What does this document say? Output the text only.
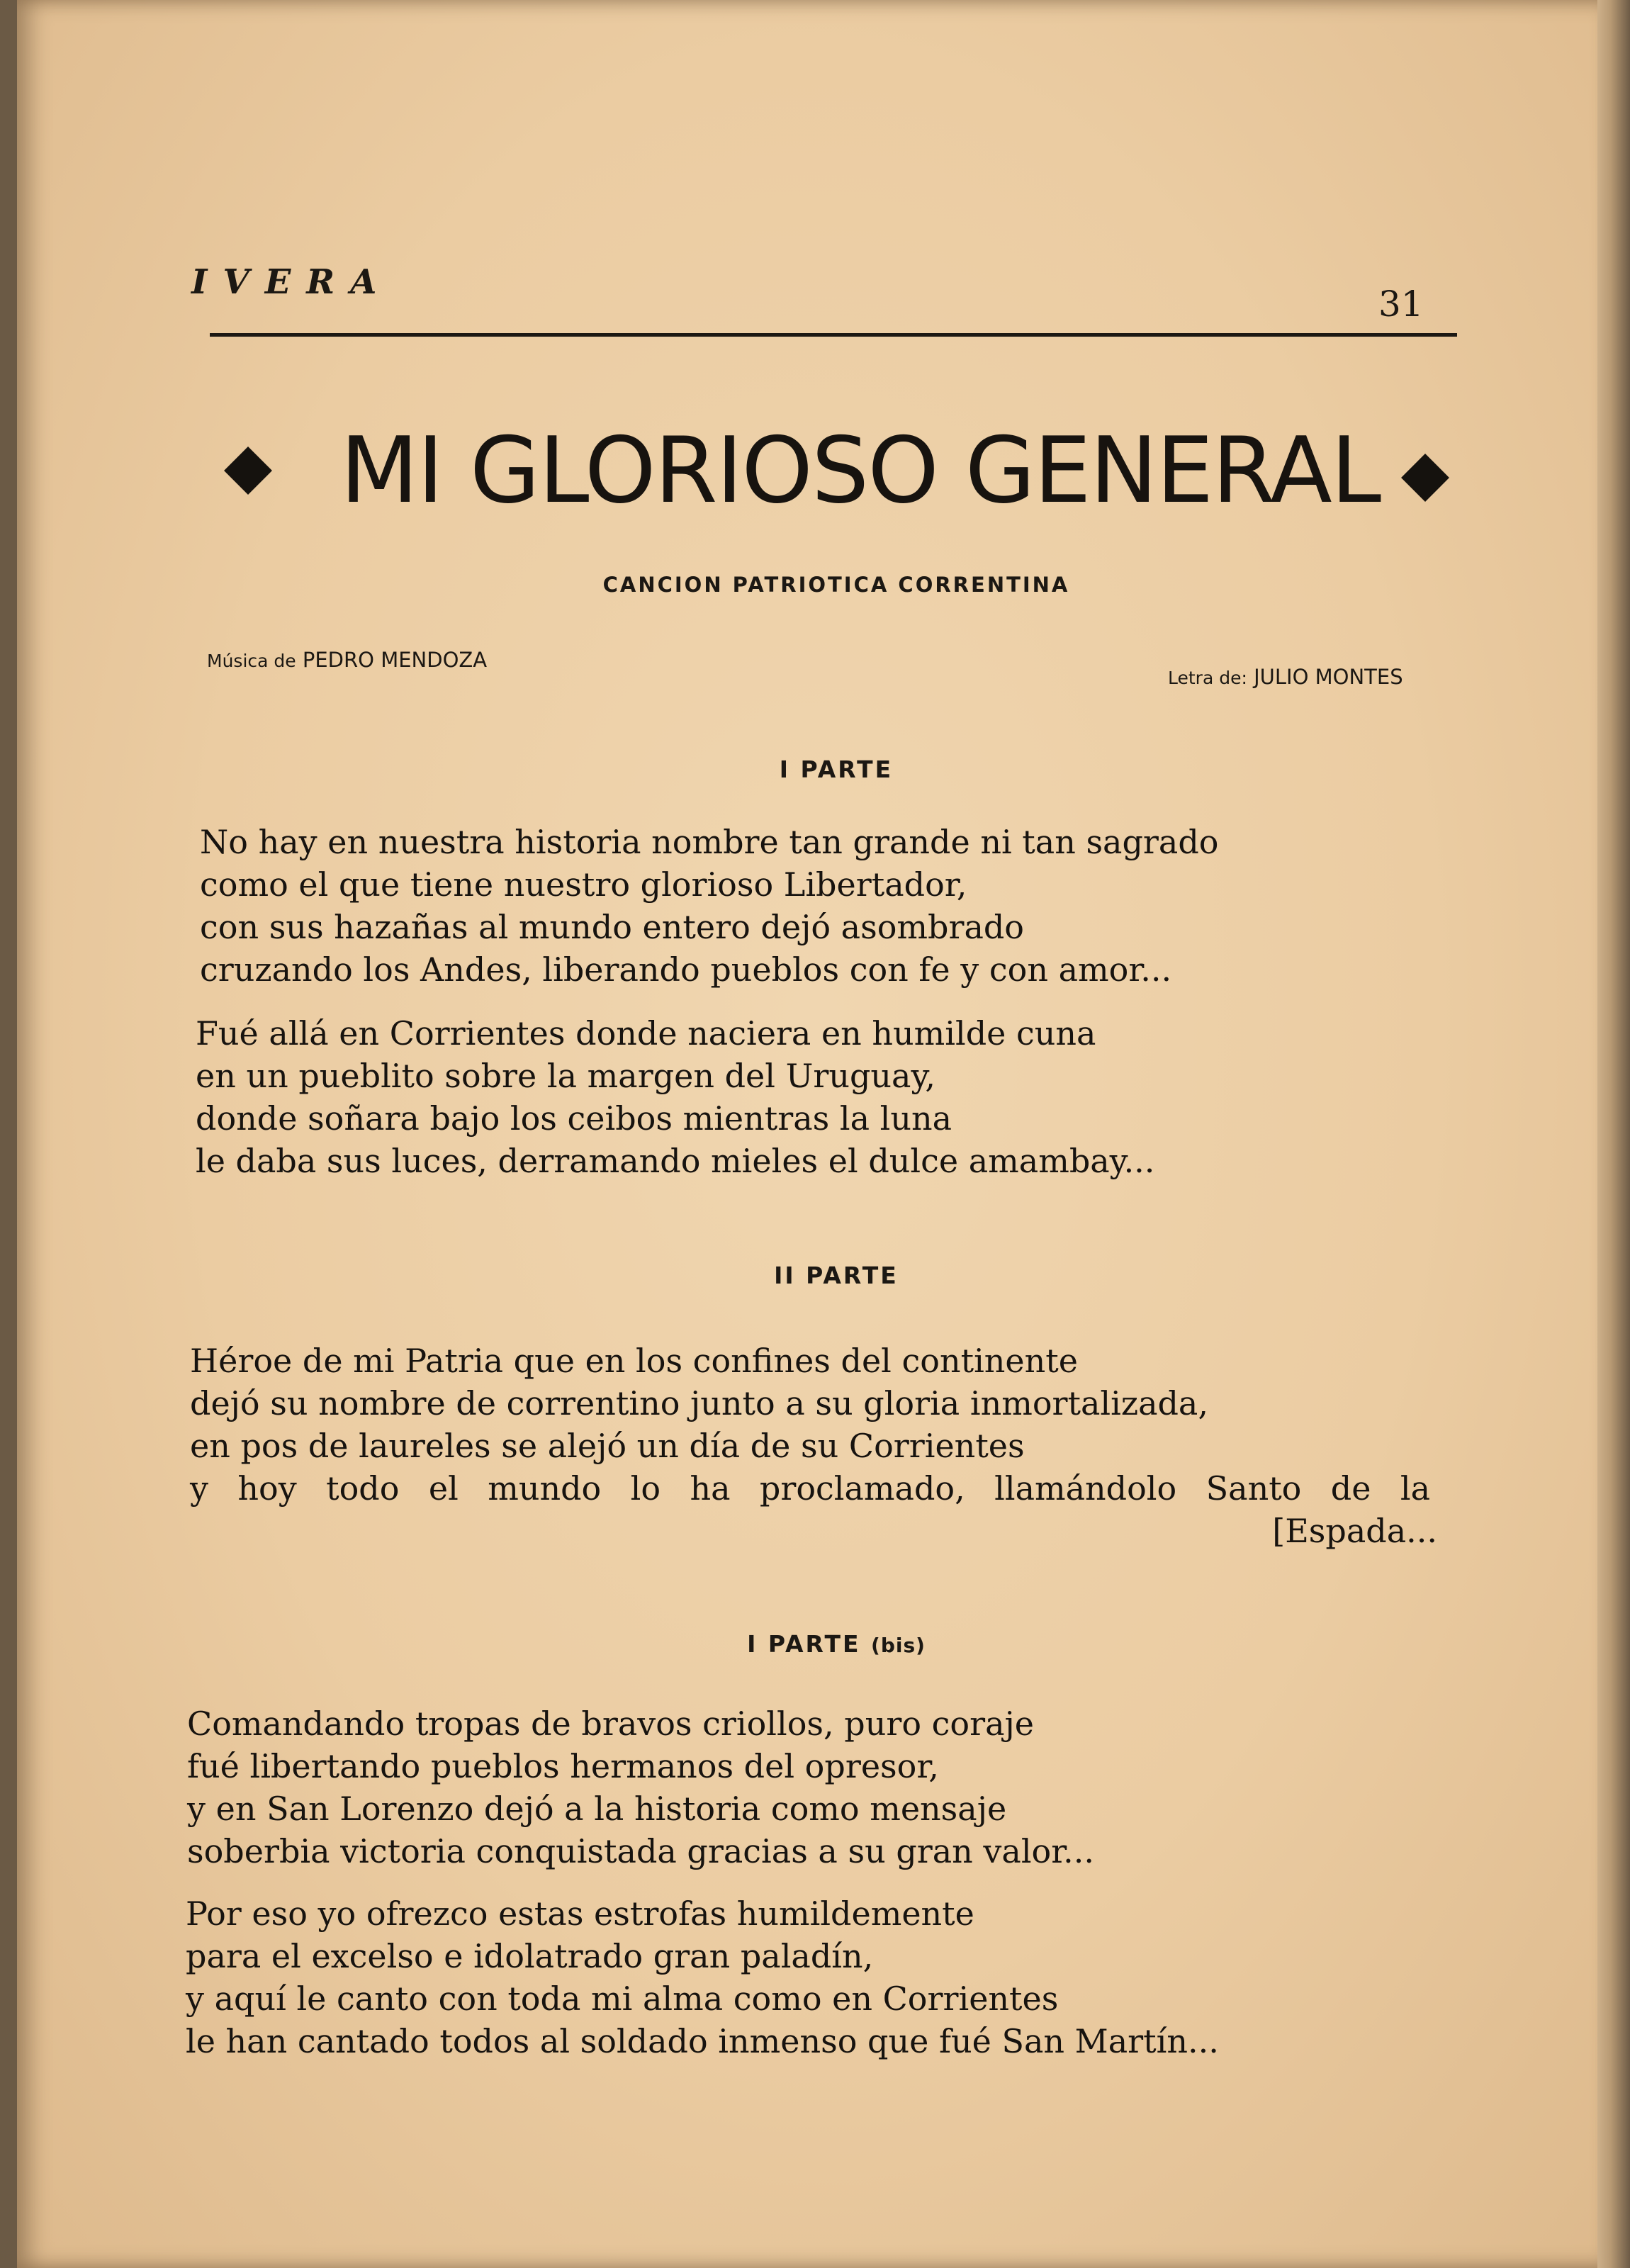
IVERA
31
MI GLORIOSO GENERAL
CANCION PATRIOTICA CORRENTINA
Música de PEDRO MENDOZA
Letra de: JULIO MONTES
I PARTE
No hay en nuestra historia nombre tan grande ni tan sagrado
como el que tiene nuestro glorioso Libertador,
con sus hazañas al mundo entero dejó asombrado
cruzando los Andes, liberando pueblos con fe y con amor...
Fué allá en Corrientes donde naciera en humilde cuna
en un pueblito sobre la margen del Uruguay,
donde soñara bajo los ceibos mientras la luna
le daba sus luces, derramando mieles el dulce amambay...
II PARTE
Héroe de mi Patria que en los confines del continente
dejó su nombre de correntino junto a su gloria inmortalizada,
en pos de laureles se alejó un día de su Corrientes
y hoy todo el mundo lo ha proclamado, llamándolo Santo de la
[Espada...
I PARTE (bis)
Comandando tropas de bravos criollos, puro coraje
fué libertando pueblos hermanos del opresor,
y en San Lorenzo dejó a la historia como mensaje
soberbia victoria conquistada gracias a su gran valor...
Por eso yo ofrezco estas estrofas humildemente
para el excelso e idolatrado gran paladín,
y aquí le canto con toda mi alma como en Corrientes
le han cantado todos al soldado inmenso que fué San Martín...
